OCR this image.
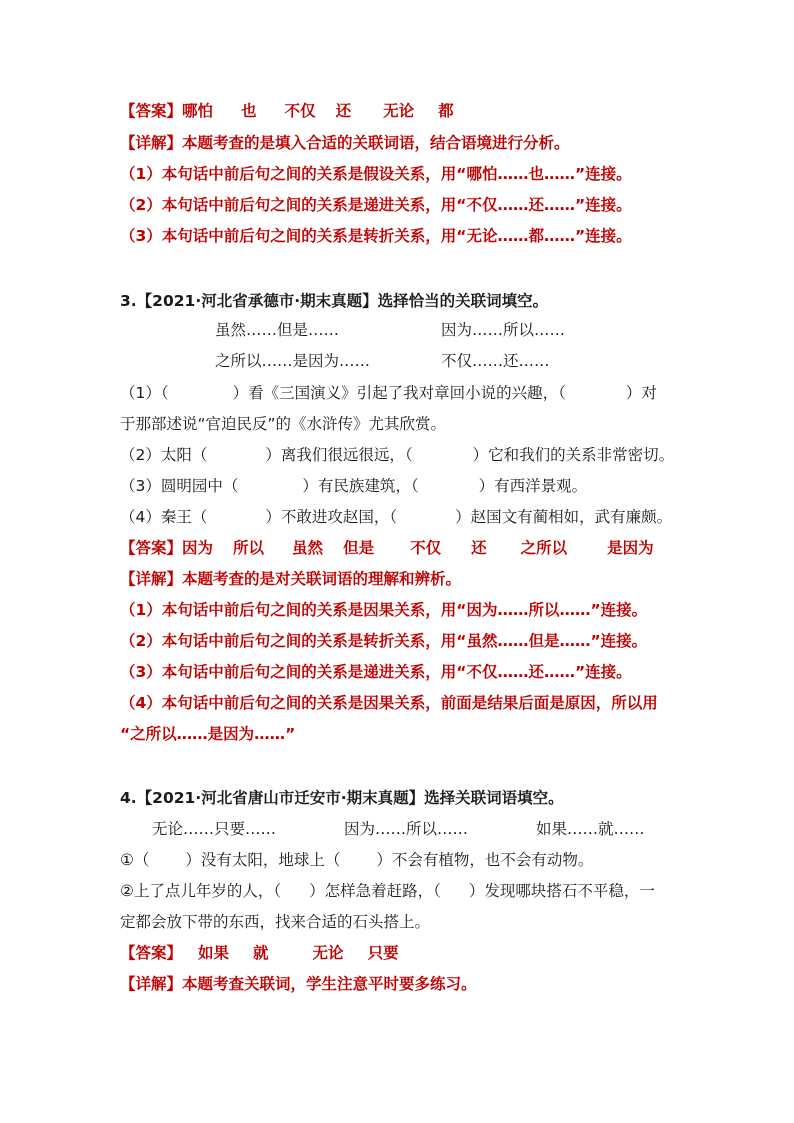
【答案】哪怕 也 不仅 还 无论 都
【详解】本题考查的是填入合适的关联词语，结合语境进行分析。
（1）本句话中前后句之间的关系是假设关系，用“哪怕……也……”连接。
（2）本句话中前后句之间的关系是递进关系，用“不仅……还……”连接。
（3）本句话中前后句之间的关系是转折关系，用“无论……都……”连接。
3.【2021·河北省承德市·期末真题】选择恰当的关联词填空。
虽然……但是……	因为……所以……
之所以……是因为……	不仅……还……
（1）（	）看《三国演义》引起了我对章回小说的兴趣，（	）对
于那部述说“官迫民反”的《水浒传》尤其欣赏。
（2）太阳（	）离我们很远很远，（	）它和我们的关系非常密切。
（3）圆明园中（	）有民族建筑，（	）有西洋景观。
（4）秦王（	）不敢进攻赵国，（	）赵国文有蔺相如，武有廉颇。
【答案】因为 所以 虽然 但是 不仅 还 之所以	是因为
【详解】本题考查的是对关联词语的理解和辨析。
（1）本句话中前后句之间的关系是因果关系，用“因为……所以……”连接。
（2）本句话中前后句之间的关系是转折关系，用“虽然……但是……”连接。
（3）本句话中前后句之间的关系是递进关系，用“不仅……还……”连接。
（4）本句话中前后句之间的关系是因果关系，前面是结果后面是原因，所以用
“之所以……是因为……”
4.【2021·河北省唐山市迁安市·期末真题】选择关联词语填空。
无论……只要……	因为……所以……	如果……就……
①（ ）没有太阳，地球上（ ）不会有植物，也不会有动物。
②上了点儿年岁的人，（ ）怎样急着赶路，（ ）发现哪块搭石不平稳，一
定都会放下带的东西，找来合适的石头搭上。
【答案】 如果 就	无论 只要
【详解】本题考查关联词，学生注意平时要多练习。
